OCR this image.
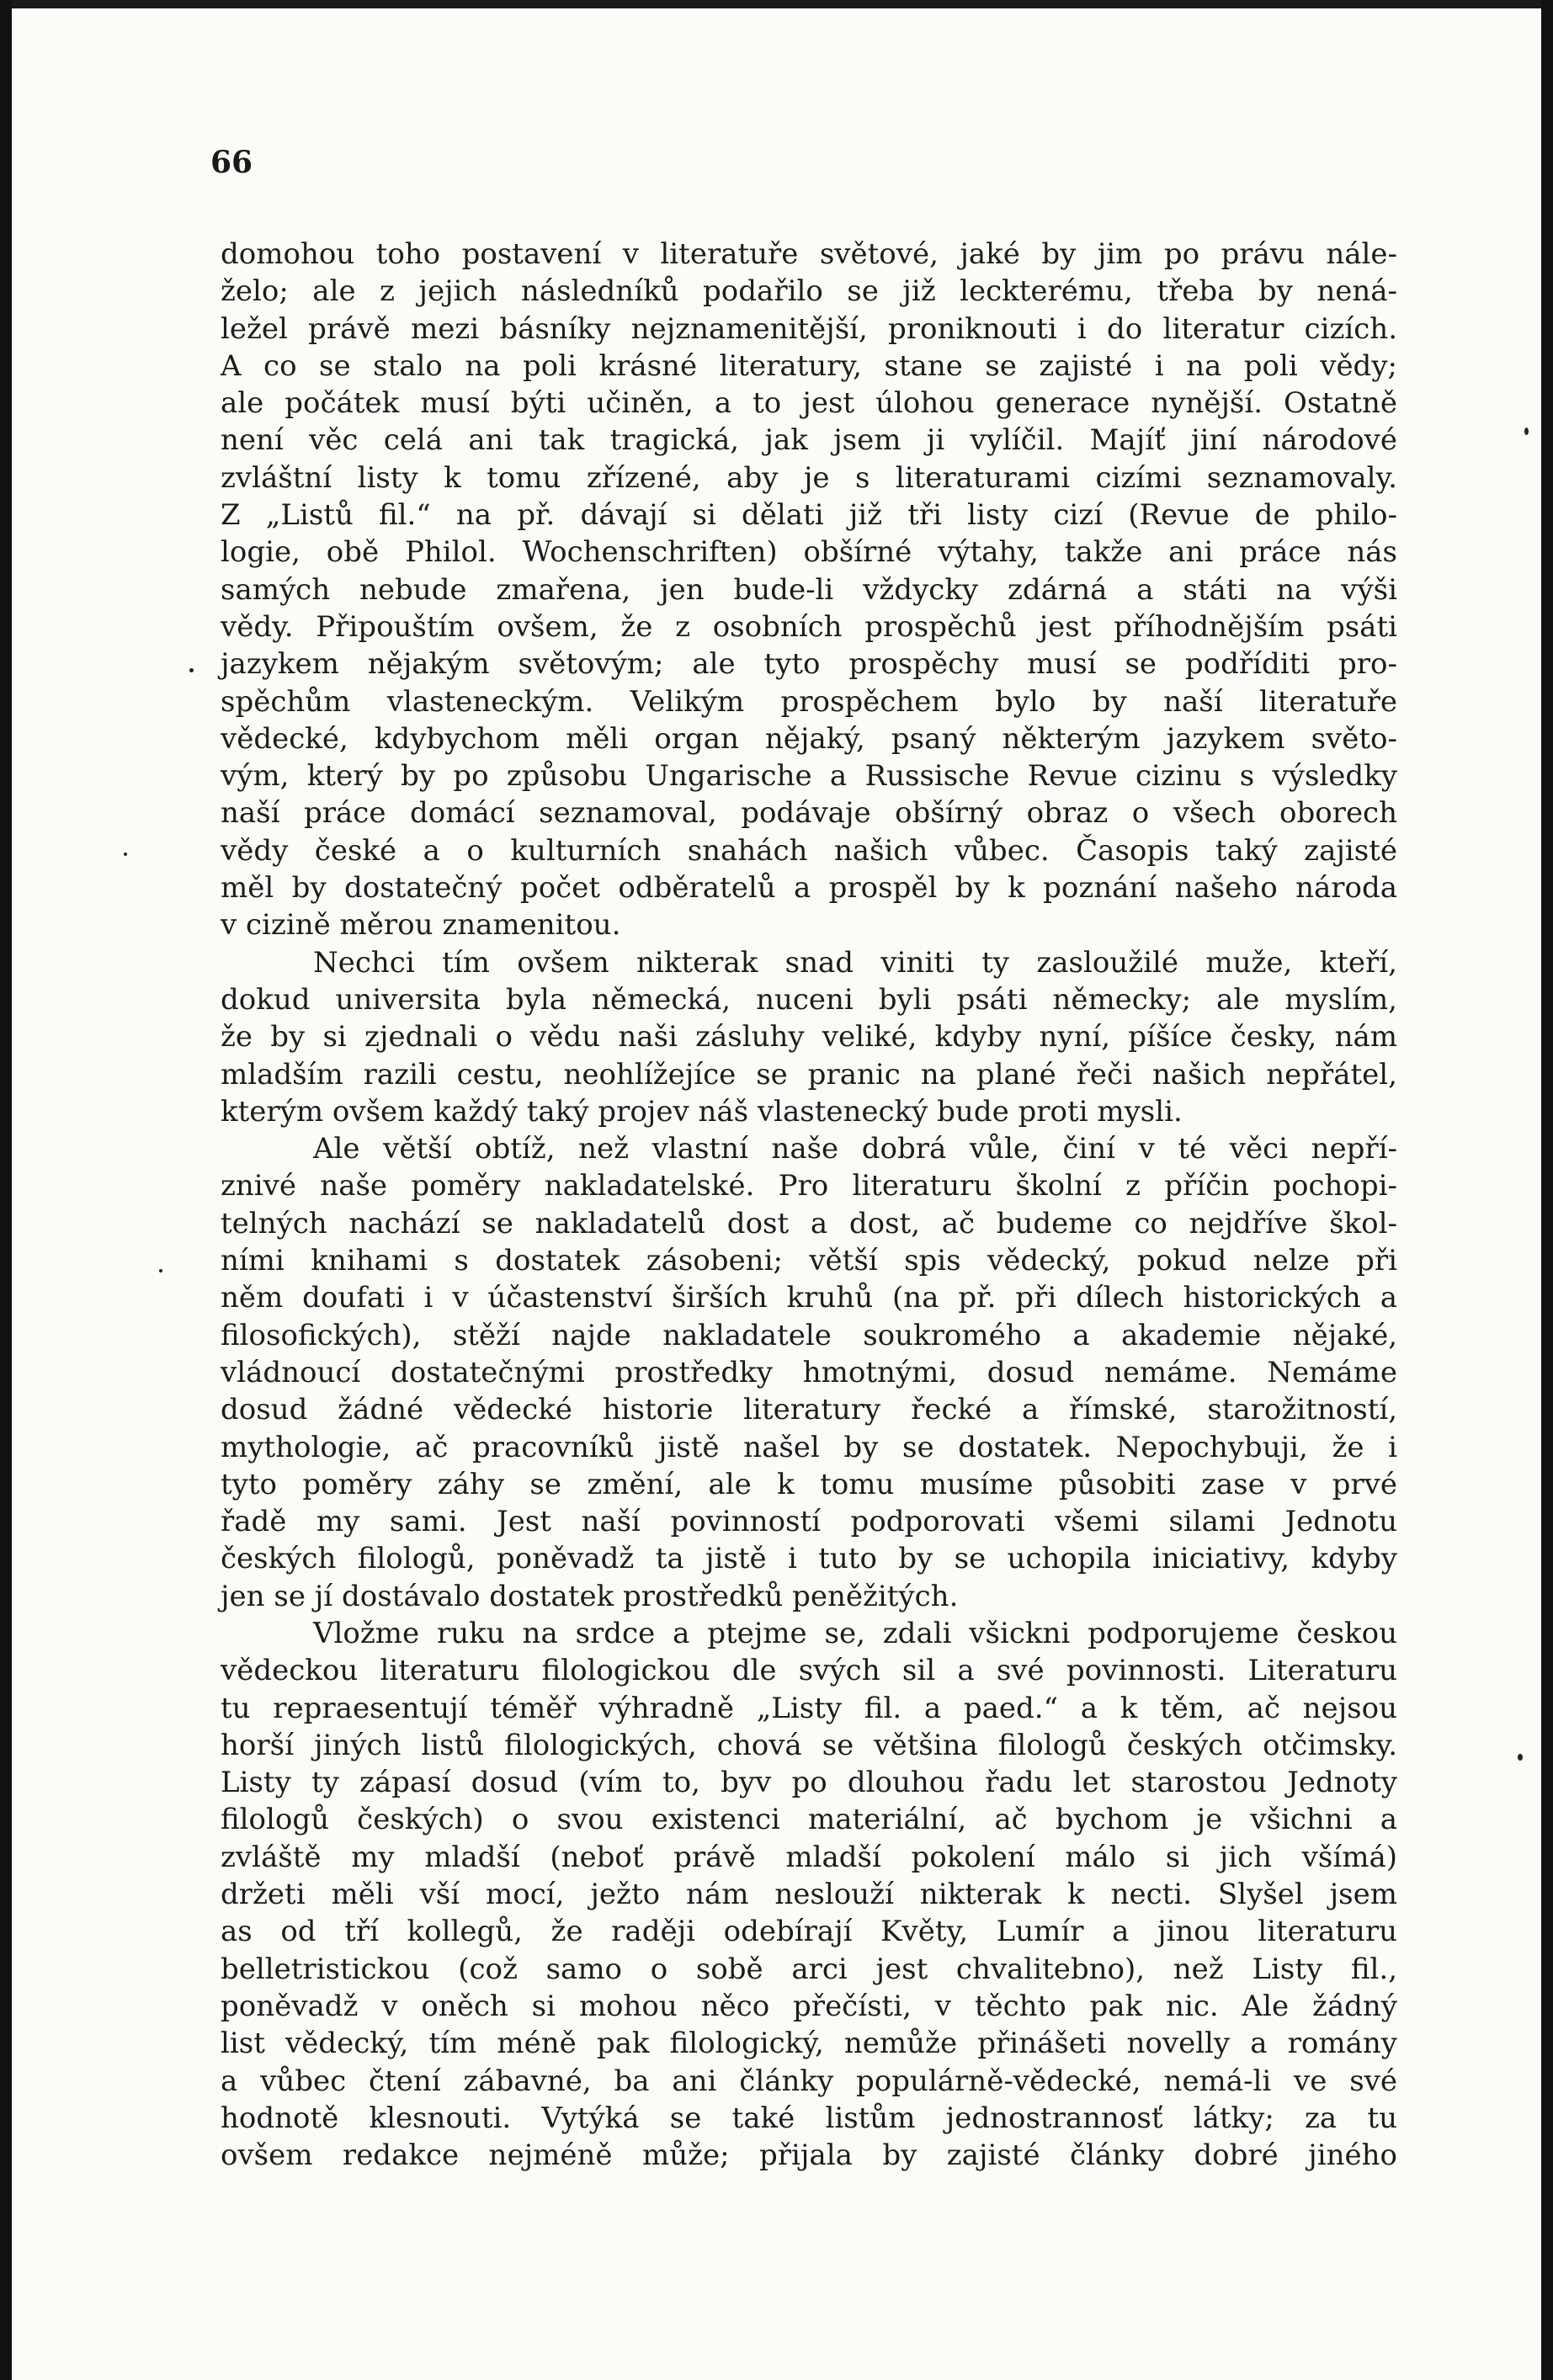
66
domohou toho postavení v literatuře světové, jaké by jim po právu nále-
želo; ale z jejich následníků podařilo se již leckterému, třeba by nená-
ležel právě mezi básníky nejznamenitější, proniknouti i do literatur cizích.
A co se stalo na poli krásné literatury, stane se zajisté i na poli vědy;
ale počátek musí býti učiněn, a to jest úlohou generace nynější. Ostatně
není věc celá ani tak tragická, jak jsem ji vylíčil. Majíť jiní národové
zvláštní listy k tomu zřízené, aby je s literaturami cizími seznamovaly.
Z „Listů fil.“ na př. dávají si dělati již tři listy cizí (Revue de philo-
logie, obě Philol. Wochenschriften) obšírné výtahy, takže ani práce nás
samých nebude zmařena, jen bude-li vždycky zdárná a státi na výši
vědy. Připouštím ovšem, že z osobních prospěchů jest příhodnějším psáti
jazykem nějakým světovým; ale tyto prospěchy musí se podříditi pro-
spěchům vlasteneckým. Velikým prospěchem bylo by naší literatuře
vědecké, kdybychom měli organ nějaký, psaný některým jazykem světo-
vým, který by po způsobu Ungarische a Russische Revue cizinu s výsledky
naší práce domácí seznamoval, podávaje obšírný obraz o všech oborech
vědy české a o kulturních snahách našich vůbec. Časopis taký zajisté
měl by dostatečný počet odběratelů a prospěl by k poznání našeho národa
v cizině měrou znamenitou.
Nechci tím ovšem nikterak snad viniti ty zasloužilé muže, kteří,
dokud universita byla německá, nuceni byli psáti německy; ale myslím,
že by si zjednali o vědu naši zásluhy veliké, kdyby nyní, píšíce česky, nám
mladším razili cestu, neohlížejíce se pranic na plané řeči našich nepřátel,
kterým ovšem každý taký projev náš vlastenecký bude proti mysli.
Ale větší obtíž, než vlastní naše dobrá vůle, činí v té věci nepří-
znivé naše poměry nakladatelské. Pro literaturu školní z příčin pochopi-
telných nachází se nakladatelů dost a dost, ač budeme co nejdříve škol-
ními knihami s dostatek zásobeni; větší spis vědecký, pokud nelze při
něm doufati i v účastenství širších kruhů (na př. při dílech historických a
filosofických), stěží najde nakladatele soukromého a akademie nějaké,
vládnoucí dostatečnými prostředky hmotnými, dosud nemáme. Nemáme
dosud žádné vědecké historie literatury řecké a římské, starožitností,
mythologie, ač pracovníků jistě našel by se dostatek. Nepochybuji, že i
tyto poměry záhy se změní, ale k tomu musíme působiti zase v prvé
řadě my sami. Jest naší povinností podporovati všemi silami Jednotu
českých filologů, poněvadž ta jistě i tuto by se uchopila iniciativy, kdyby
jen se jí dostávalo dostatek prostředků peněžitých.
Vložme ruku na srdce a ptejme se, zdali všickni podporujeme českou
vědeckou literaturu filologickou dle svých sil a své povinnosti. Literaturu
tu repraesentují téměř výhradně „Listy fil. a paed.“ a k těm, ač nejsou
horší jiných listů filologických, chová se většina filologů českých otčimsky.
Listy ty zápasí dosud (vím to, byv po dlouhou řadu let starostou Jednoty
filologů českých) o svou existenci materiální, ač bychom je všichni a
zvláště my mladší (neboť právě mladší pokolení málo si jich všímá)
držeti měli vší mocí, ježto nám neslouží nikterak k necti. Slyšel jsem
as od tří kollegů, že raději odebírají Květy, Lumír a jinou literaturu
belletristickou (což samo o sobě arci jest chvalitebno), než Listy fil.,
poněvadž v oněch si mohou něco přečísti, v těchto pak nic. Ale žádný
list vědecký, tím méně pak filologický, nemůže přinášeti novelly a romány
a vůbec čtení zábavné, ba ani články populárně-vědecké, nemá-li ve své
hodnotě klesnouti. Vytýká se také listům jednostrannosť látky; za tu
ovšem redakce nejméně může; přijala by zajisté články dobré jiného
